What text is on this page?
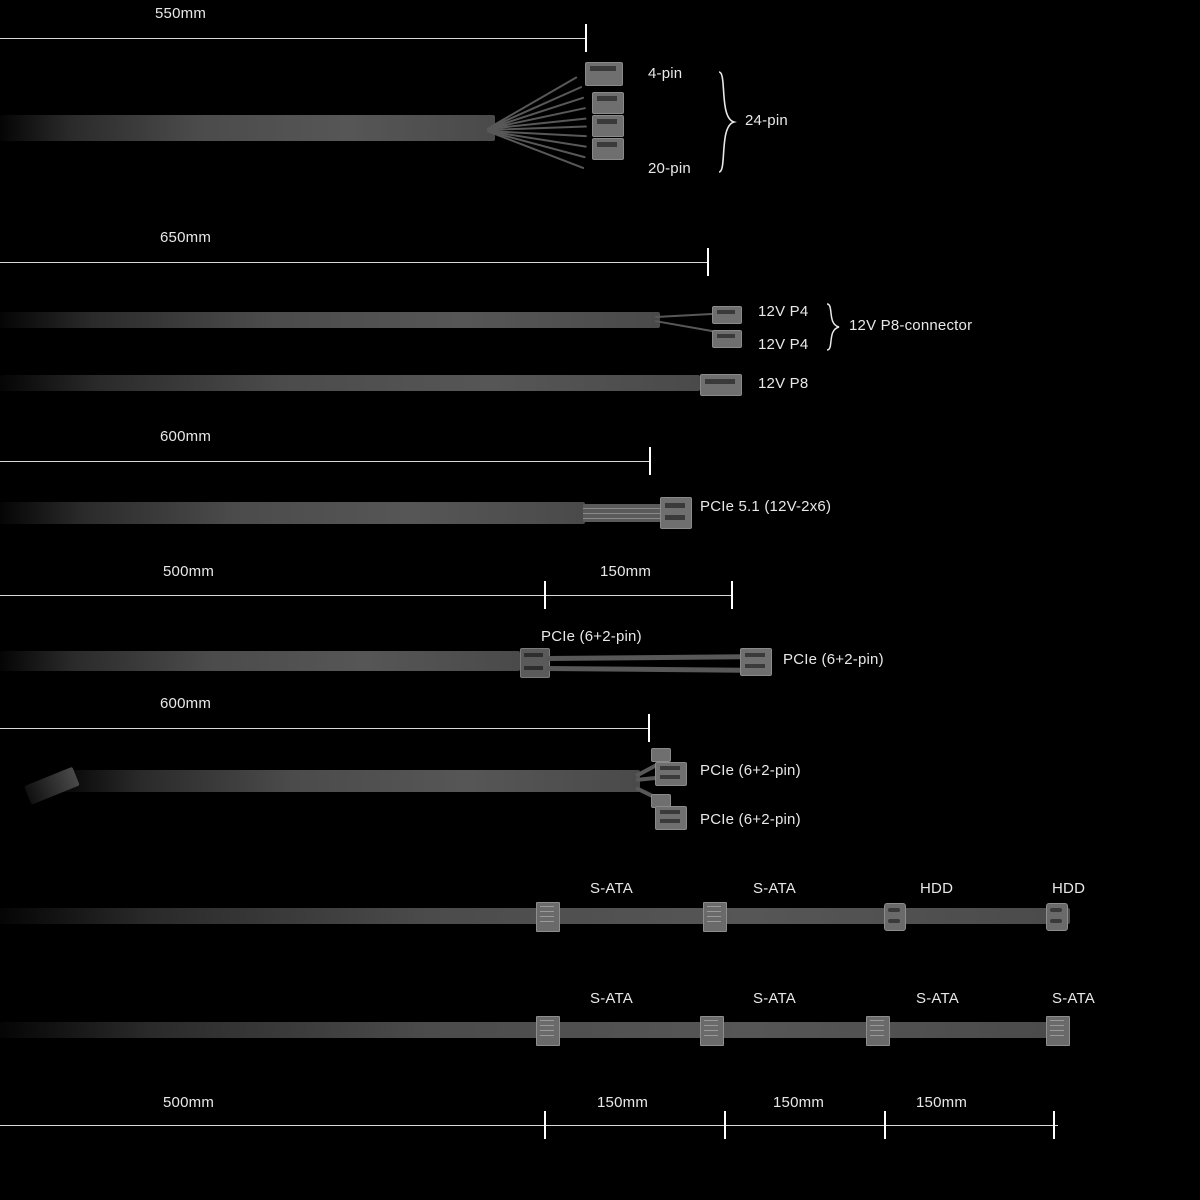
550mm
4-pin
20-pin
24-pin
650mm
12V P4
12V P4
12V P8-connector
12V P8
600mm
PCIe 5.1 (12V-2x6)
500mm	150mm
PCIe (6+2-pin)
PCIe (6+2-pin)
600mm
PCIe (6+2-pin)
PCIe (6+2-pin)
S-ATA	S-ATA	HDD	HDD
S-ATA	S-ATA	S-ATA	S-ATA
500mm	150mm	150mm	150mm
